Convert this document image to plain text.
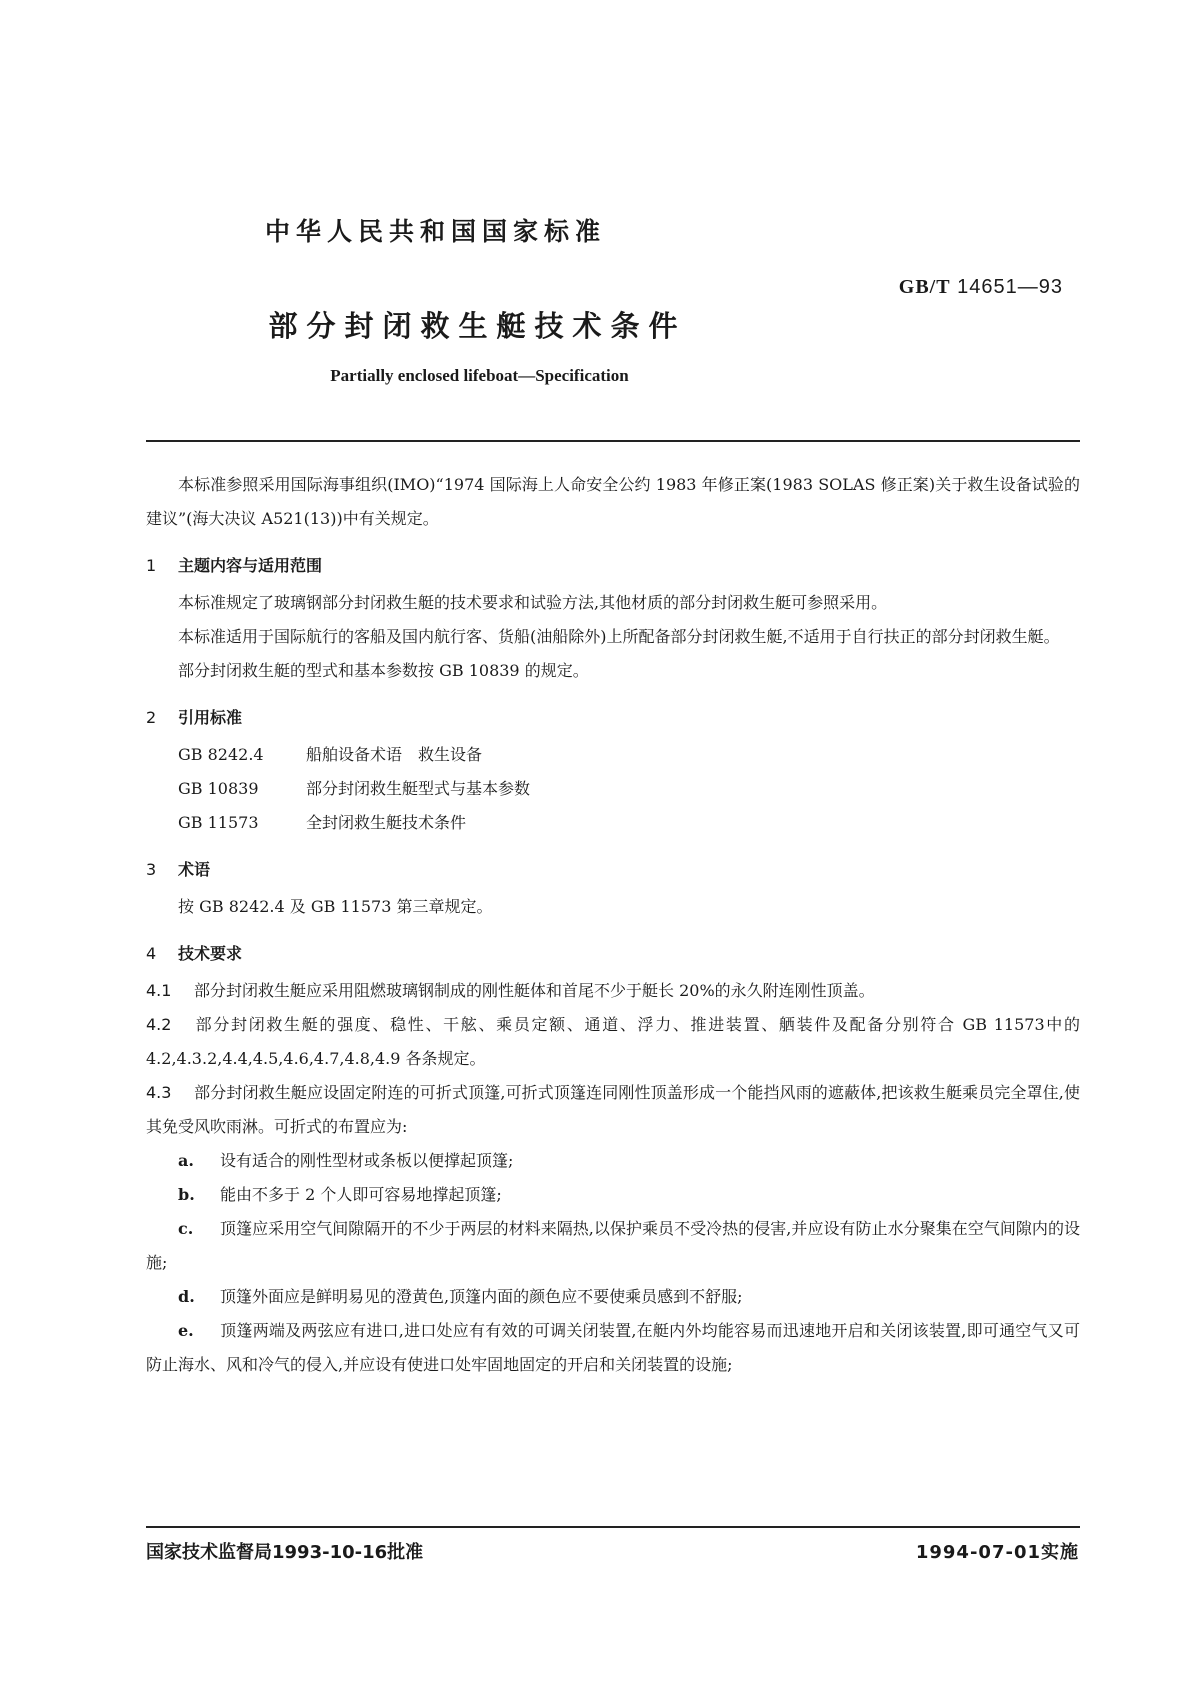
中华人民共和国国家标准
GB/T 14651—93
部分封闭救生艇技术条件
Partially enclosed lifeboat—Specification

本标准参照采用国际海事组织(IMO)“1974 国际海上人命安全公约 1983 年修正案(1983 SOLAS 修正案)关于救生设备试验的建议”(海大决议 A521(13))中有关规定。

1 主题内容与适用范围

本标准规定了玻璃钢部分封闭救生艇的技术要求和试验方法,其他材质的部分封闭救生艇可参照采用。

本标准适用于国际航行的客船及国内航行客、货船(油船除外)上所配备部分封闭救生艇,不适用于自行扶正的部分封闭救生艇。

部分封闭救生艇的型式和基本参数按 GB 10839 的规定。

2 引用标准
GB 8242.4	船舶设备术语　救生设备
GB 10839	部分封闭救生艇型式与基本参数
GB 11573	全封闭救生艇技术条件
3 术语

按 GB 8242.4 及 GB 11573 第三章规定。

4 技术要求

4.1 部分封闭救生艇应采用阻燃玻璃钢制成的刚性艇体和首尾不少于艇长 20%的永久附连刚性顶盖。

4.2 部分封闭救生艇的强度、稳性、干舷、乘员定额、通道、浮力、推进装置、舾装件及配备分别符合 GB 11573中的 4.2,4.3.2,4.4,4.5,4.6,4.7,4.8,4.9 各条规定。

4.3 部分封闭救生艇应设固定附连的可折式顶篷,可折式顶篷连同刚性顶盖形成一个能挡风雨的遮蔽体,把该救生艇乘员完全罩住,使其免受风吹雨淋。可折式的布置应为:

a. 设有适合的刚性型材或条板以便撑起顶篷;

b. 能由不多于 2 个人即可容易地撑起顶篷;

c. 顶篷应采用空气间隙隔开的不少于两层的材料来隔热,以保护乘员不受冷热的侵害,并应设有防止水分聚集在空气间隙内的设施;

d. 顶篷外面应是鲜明易见的澄黄色,顶篷内面的颜色应不要使乘员感到不舒服;

e. 顶篷两端及两弦应有进口,进口处应有有效的可调关闭装置,在艇内外均能容易而迅速地开启和关闭该装置,即可通空气又可防止海水、风和冷气的侵入,并应设有使进口处牢固地固定的开启和关闭装置的设施;

国家技术监督局1993-10-16批准	1994-07-01实施
